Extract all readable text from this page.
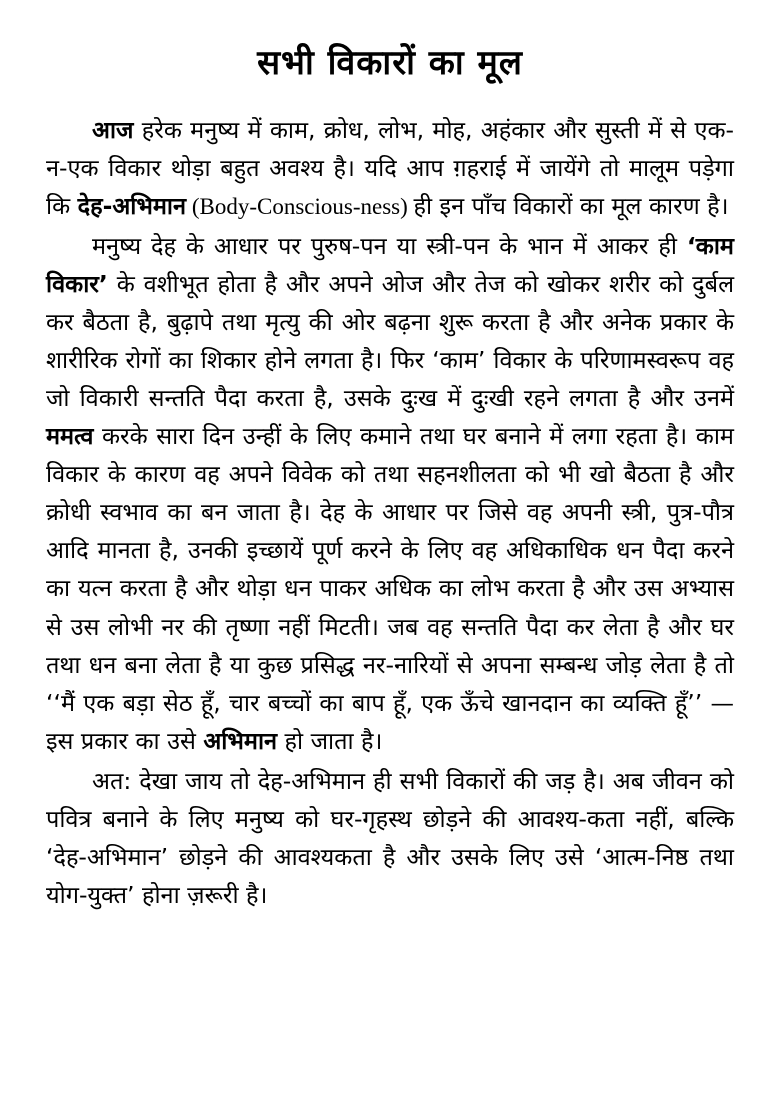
सभी विकारों का मूल

आज हरेक मनुष्य में काम, क्रोध, लोभ, मोह, अहंकार और सुस्ती में से एक-न-एक विकार थोड़ा बहुत अवश्य है। यदि आप ग़हराई में जायेंगे तो मालूम पड़ेगा कि देह-अभिमान (Body-Conscious-ness) ही इन पाँच विकारों का मूल कारण है।

मनुष्य देह के आधार पर पुरुष-पन या स्त्री-पन के भान में आकर ही ‘काम विकार’ के वशीभूत होता है और अपने ओज और तेज को खोकर शरीर को दुर्बल कर बैठता है, बुढ़ापे तथा मृत्यु की ओर बढ़ना शुरू करता है और अनेक प्रकार के शारीरिक रोगों का शिकार होने लगता है। फिर ‘काम’ विकार के परिणामस्वरूप वह जो विकारी सन्तति पैदा करता है, उसके दुःख में दुःखी रहने लगता है और उनमें ममत्व करके सारा दिन उन्हीं के लिए कमाने तथा घर बनाने में लगा रहता है। काम विकार के कारण वह अपने विवेक को तथा सहनशीलता को भी खो बैठता है और क्रोधी स्वभाव का बन जाता है। देह के आधार पर जिसे वह अपनी स्त्री, पुत्र-पौत्र आदि मानता है, उनकी इच्छायें पूर्ण करने के लिए वह अधिकाधिक धन पैदा करने का यत्न करता है और थोड़ा धन पाकर अधिक का लोभ करता है और उस अभ्यास से उस लोभी नर की तृष्णा नहीं मिटती। जब वह सन्तति पैदा कर लेता है और घर तथा धन बना लेता है या कुछ प्रसिद्ध नर-नारियों से अपना सम्बन्ध जोड़ लेता है तो ‘‘मैं एक बड़ा सेठ हूँ, चार बच्चों का बाप हूँ, एक ऊँचे खानदान का व्यक्ति हूँ’’ —इस प्रकार का उसे अभिमान हो जाता है।

अत: देखा जाय तो देह-अभिमान ही सभी विकारों की जड़ है। अब जीवन को पवित्र बनाने के लिए मनुष्य को घर-गृहस्थ छोड़ने की आवश्य-कता नहीं, बल्कि ‘देह-अभिमान’ छोड़ने की आवश्यकता है और उसके लिए उसे ‘आत्म-निष्ठ तथा योग-युक्त’ होना ज़रूरी है।
